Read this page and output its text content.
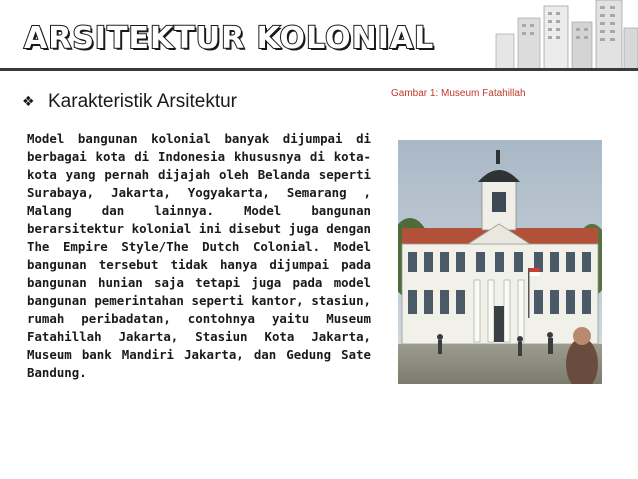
ARSITEKTUR KOLONIAL
❖ Karakteristik Arsitektur

Model bangunan kolonial banyak dijumpai di berbagai kota di Indonesia khususnya di kota-kota yang pernah dijajah oleh Belanda seperti Surabaya, Jakarta, Yogyakarta, Semarang , Malang dan lainnya. Model bangunan berarsitektur kolonial ini disebut juga dengan The Empire Style/The Dutch Colonial. Model bangunan tersebut tidak hanya dijumpai pada bangunan hunian saja tetapi juga pada model bangunan pemerintahan seperti kantor, stasiun, rumah peribadatan, contohnya yaitu Museum Fatahillah Jakarta, Stasiun Kota Jakarta, Museum bank Mandiri Jakarta, dan Gedung Sate Bandung.

Gambar 1: Museum Fatahillah
